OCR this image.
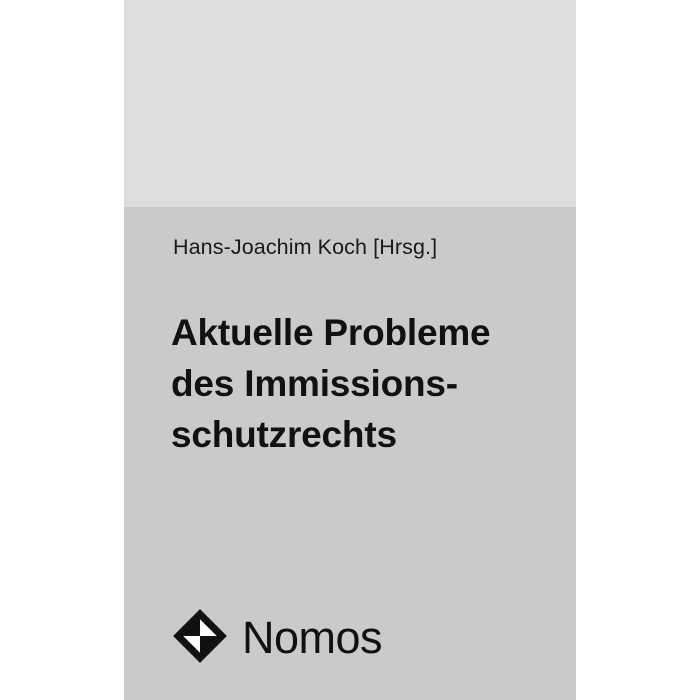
Hans-Joachim Koch [Hrsg.]
Aktuelle Probleme
des Immissions-
schutzrechts
Nomos
